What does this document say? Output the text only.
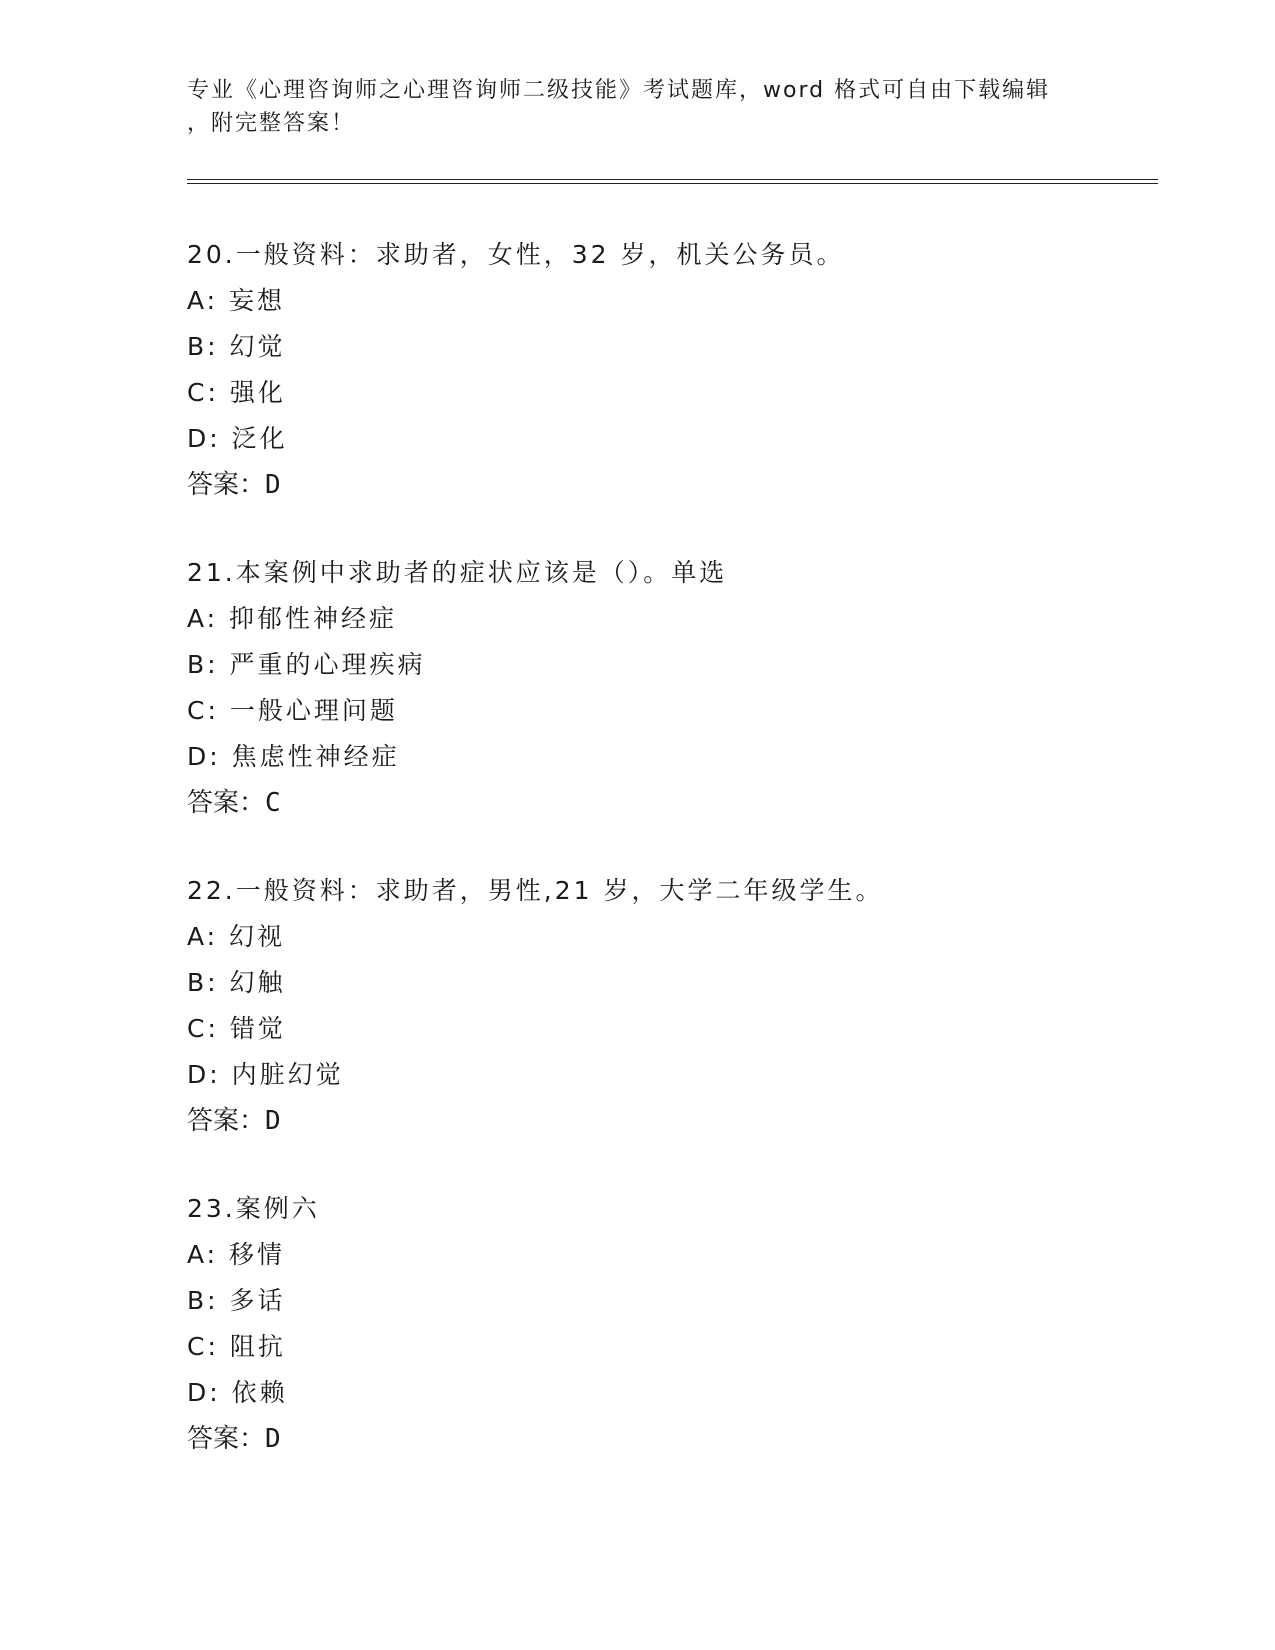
专业《心理咨询师之心理咨询师二级技能》考试题库，word 格式可自由下载编辑
，附完整答案！
20.一般资料：求助者，女性，32 岁，机关公务员。
A: 妄想
B: 幻觉
C: 强化
D: 泛化
答案：D
21.本案例中求助者的症状应该是（）。单选
A: 抑郁性神经症
B: 严重的心理疾病
C: 一般心理问题
D: 焦虑性神经症
答案：C
22.一般资料：求助者，男性,21 岁，大学二年级学生。
A: 幻视
B: 幻触
C: 错觉
D: 内脏幻觉
答案：D
23.案例六
A: 移情
B: 多话
C: 阻抗
D: 依赖
答案：D
